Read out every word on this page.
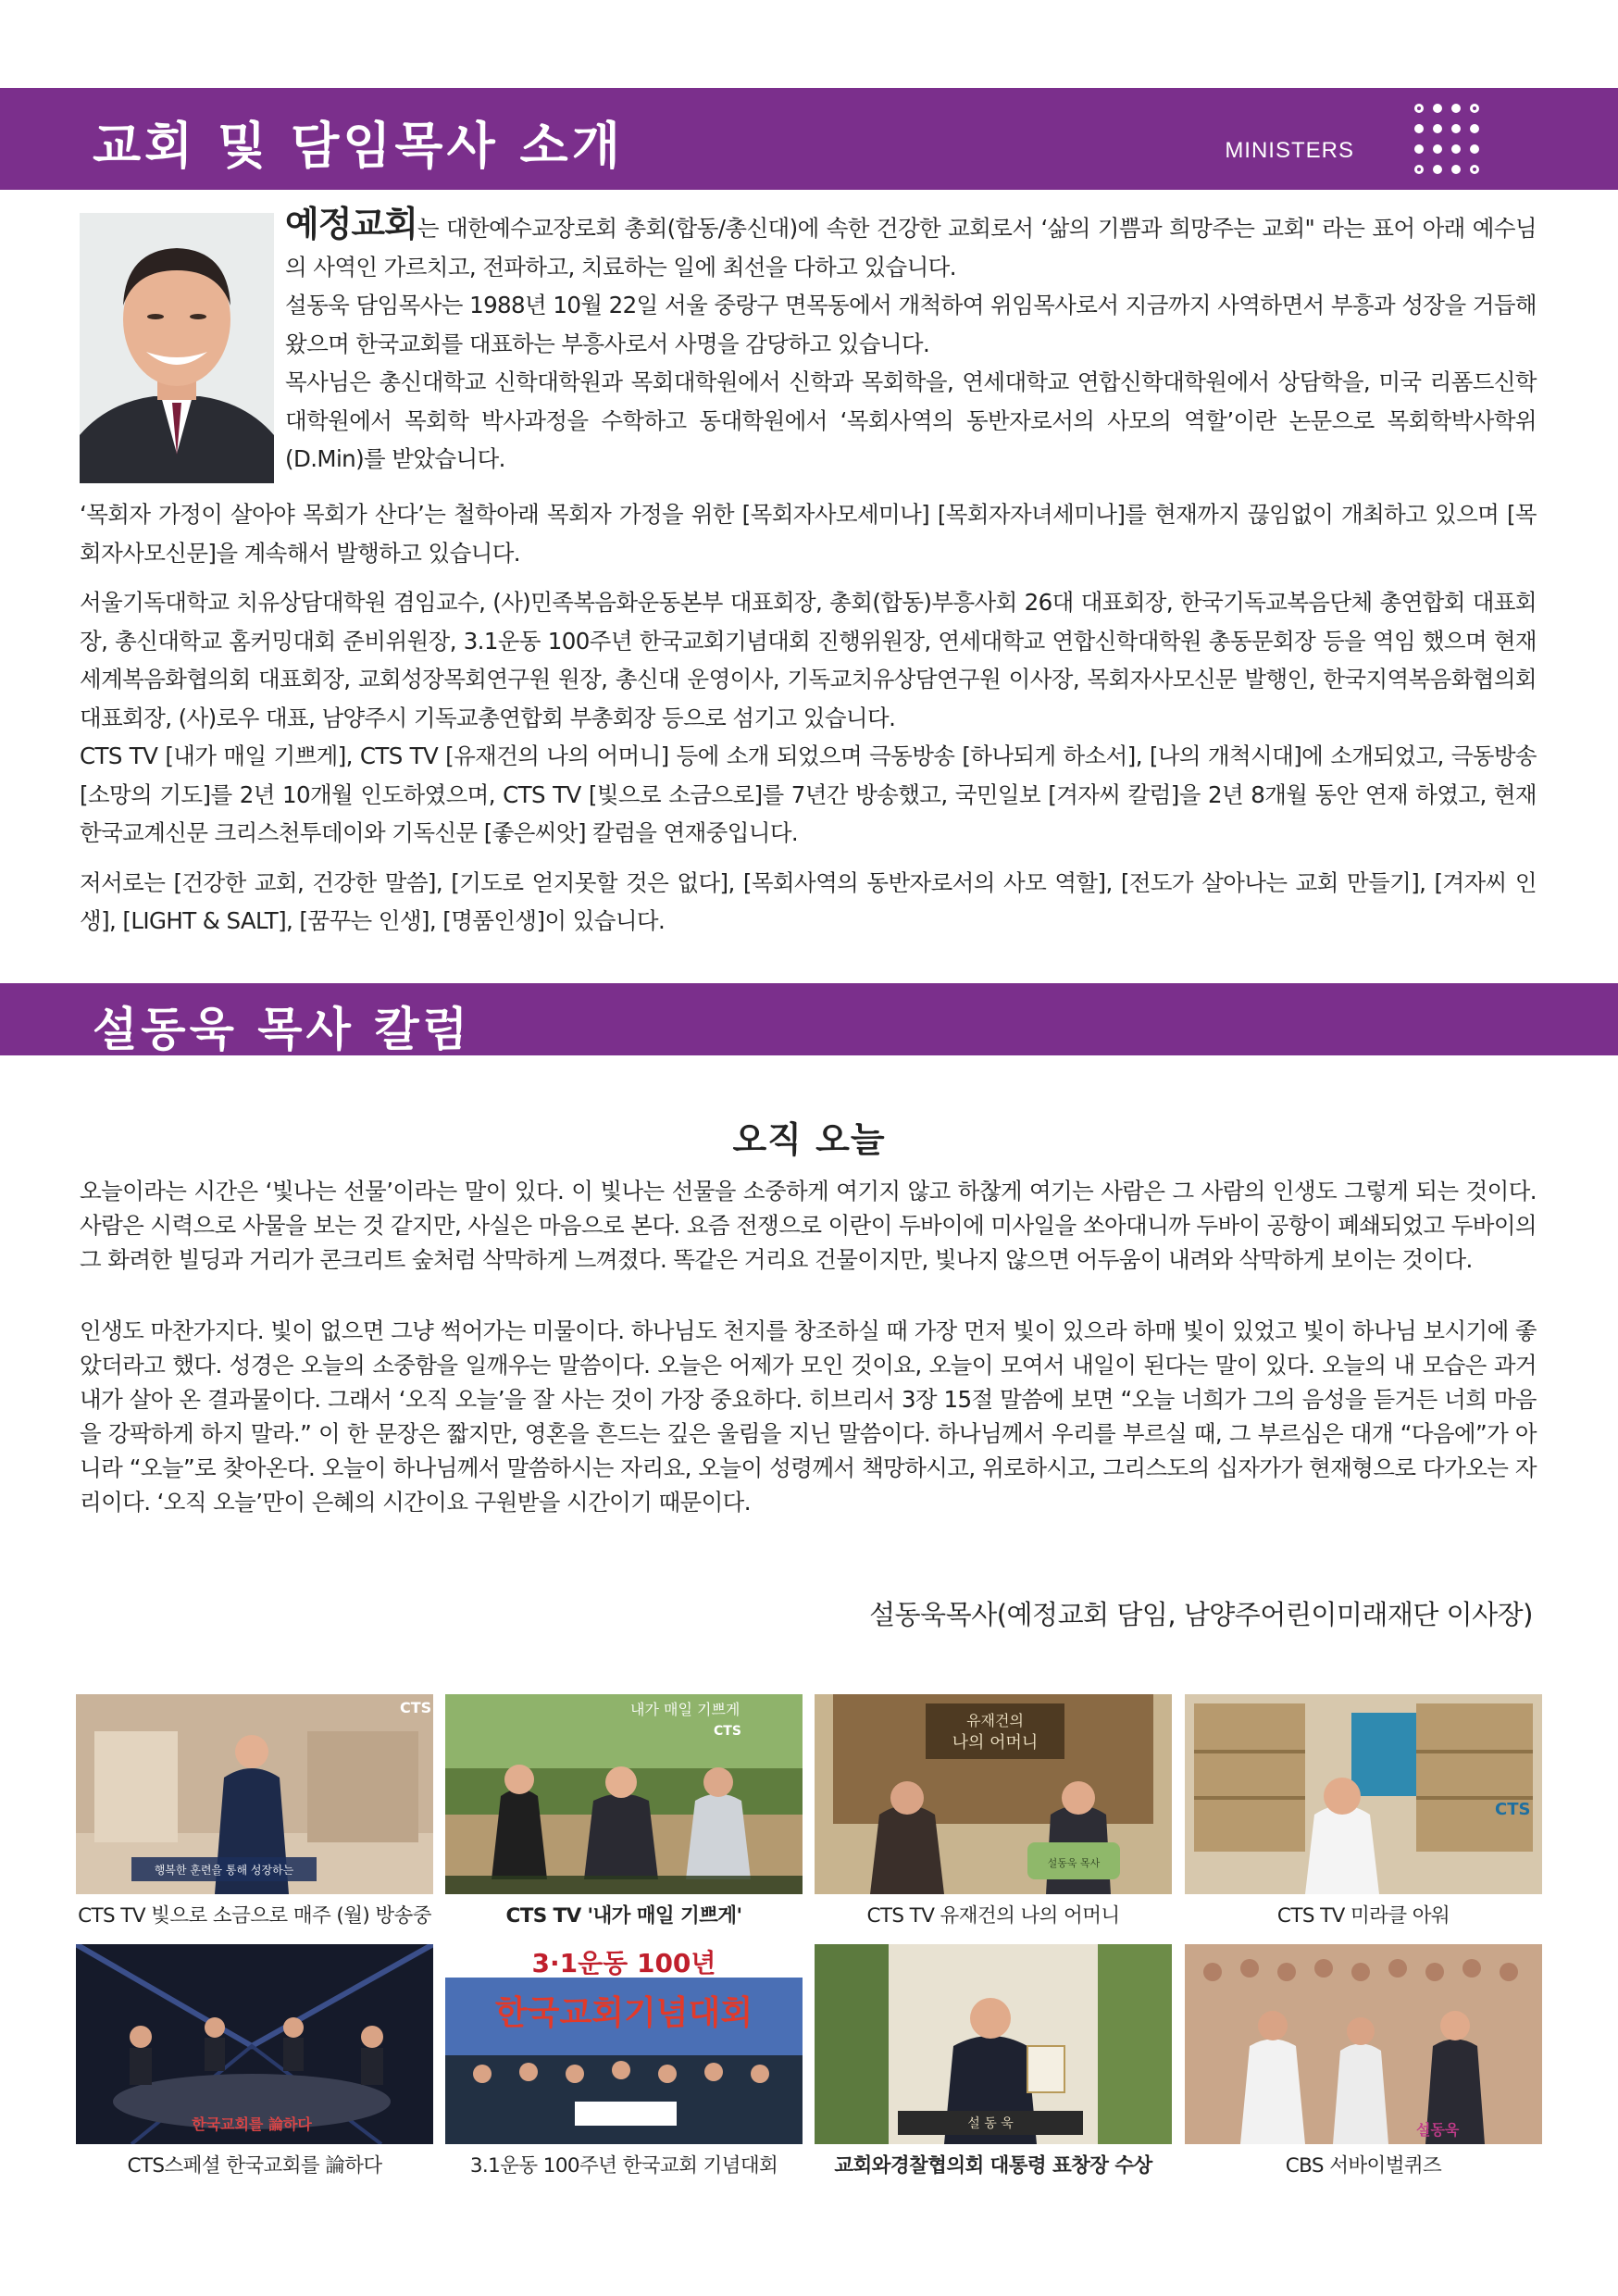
교회 및 담임목사 소개	MINISTERS

예정교회는 대한예수교장로회 총회(합동/총신대)에 속한 건강한 교회로서 ‘삶의 기쁨과 희망주는 교회" 라는 표어 아래 예수님의 사역인 가르치고, 전파하고, 치료하는 일에 최선을 다하고 있습니다.

설동욱 담임목사는 1988년 10월 22일 서울 중랑구 면목동에서 개척하여 위임목사로서 지금까지 사역하면서 부흥과 성장을 거듭해 왔으며 한국교회를 대표하는 부흥사로서 사명을 감당하고 있습니다.

목사님은 총신대학교 신학대학원과 목회대학원에서 신학과 목회학을, 연세대학교 연합신학대학원에서 상담학을, 미국 리폼드신학대학원에서 목회학 박사과정을 수학하고 동대학원에서 ‘목회사역의 동반자로서의 사모의 역할’이란 논문으로 목회학박사학위(D.Min)를 받았습니다.

‘목회자 가정이 살아야 목회가 산다’는 철학아래 목회자 가정을 위한 [목회자사모세미나] [목회자자녀세미나]를 현재까지 끊임없이 개최하고 있으며 [목회자사모신문]을 계속해서 발행하고 있습니다.

서울기독대학교 치유상담대학원 겸임교수, (사)민족복음화운동본부 대표회장, 총회(합동)부흥사회 26대 대표회장, 한국기독교복음단체 총연합회 대표회장, 총신대학교 홈커밍대회 준비위원장, 3.1운동 100주년 한국교회기념대회 진행위원장, 연세대학교 연합신학대학원 총동문회장 등을 역임 했으며 현재 세계복음화협의회 대표회장, 교회성장목회연구원 원장, 총신대 운영이사, 기독교치유상담연구원 이사장, 목회자사모신문 발행인, 한국지역복음화협의회 대표회장, (사)로우 대표, 남양주시 기독교총연합회 부총회장 등으로 섬기고 있습니다.

CTS TV [내가 매일 기쁘게], CTS TV [유재건의 나의 어머니] 등에 소개 되었으며 극동방송 [하나되게 하소서], [나의 개척시대]에 소개되었고, 극동방송 [소망의 기도]를 2년 10개월 인도하였으며, CTS TV [빛으로 소금으로]를 7년간 방송했고, 국민일보 [겨자씨 칼럼]을 2년 8개월 동안 연재 하였고, 현재 한국교계신문 크리스천투데이와 기독신문 [좋은씨앗] 칼럼을 연재중입니다.

저서로는 [건강한 교회, 건강한 말씀], [기도로 얻지못할 것은 없다], [목회사역의 동반자로서의 사모 역할], [전도가 살아나는 교회 만들기], [겨자씨 인생], [LIGHT & SALT], [꿈꾸는 인생], [명품인생]이 있습니다.

설동욱 목사 칼럼
오직 오늘

오늘이라는 시간은 ‘빛나는 선물’이라는 말이 있다. 이 빛나는 선물을 소중하게 여기지 않고 하찮게 여기는 사람은 그 사람의 인생도 그렇게 되는 것이다. 사람은 시력으로 사물을 보는 것 같지만, 사실은 마음으로 본다. 요즘 전쟁으로 이란이 두바이에 미사일을 쏘아대니까 두바이 공항이 폐쇄되었고 두바이의 그 화려한 빌딩과 거리가 콘크리트 숲처럼 삭막하게 느껴졌다. 똑같은 거리요 건물이지만, 빛나지 않으면 어두움이 내려와 삭막하게 보이는 것이다.

인생도 마찬가지다. 빛이 없으면 그냥 썩어가는 미물이다. 하나님도 천지를 창조하실 때 가장 먼저 빛이 있으라 하매 빛이 있었고 빛이 하나님 보시기에 좋았더라고 했다. 성경은 오늘의 소중함을 일깨우는 말씀이다. 오늘은 어제가 모인 것이요, 오늘이 모여서 내일이 된다는 말이 있다. 오늘의 내 모습은 과거 내가 살아 온 결과물이다. 그래서 ‘오직 오늘’을 잘 사는 것이 가장 중요하다. 히브리서 3장 15절 말씀에 보면 “오늘 너희가 그의 음성을 듣거든 너희 마음을 강팍하게 하지 말라.” 이 한 문장은 짧지만, 영혼을 흔드는 깊은 울림을 지닌 말씀이다. 하나님께서 우리를 부르실 때, 그 부르심은 대개 “다음에”가 아니라 “오늘”로 찾아온다. 오늘이 하나님께서 말씀하시는 자리요, 오늘이 성령께서 책망하시고, 위로하시고, 그리스도의 십자가가 현재형으로 다가오는 자리이다. ‘오직 오늘’만이 은혜의 시간이요 구원받을 시간이기 때문이다.

설동욱목사(예정교회 담임, 남양주어린이미래재단 이사장)
행복한 훈련을 통해 성장하는
CTS
CTS TV 빛으로 소금으로 매주 (월) 방송중
내가 매일 기쁘게
CTS
CTS TV '내가 매일 기쁘게'
유재건의
나의 어머니
설동욱 목사
CTS TV 유재건의 나의 어머니
CTS
CTS TV 미라클 아워
한국교회를 論하다
CTS스페셜 한국교회를 論하다
3·1운동 100년
한국교회기념대회
3.1운동 100주년 한국교회 기념대회
설 동 욱
교회와경찰협의회 대통령 표창장 수상
설동욱
CBS 서바이벌퀴즈
